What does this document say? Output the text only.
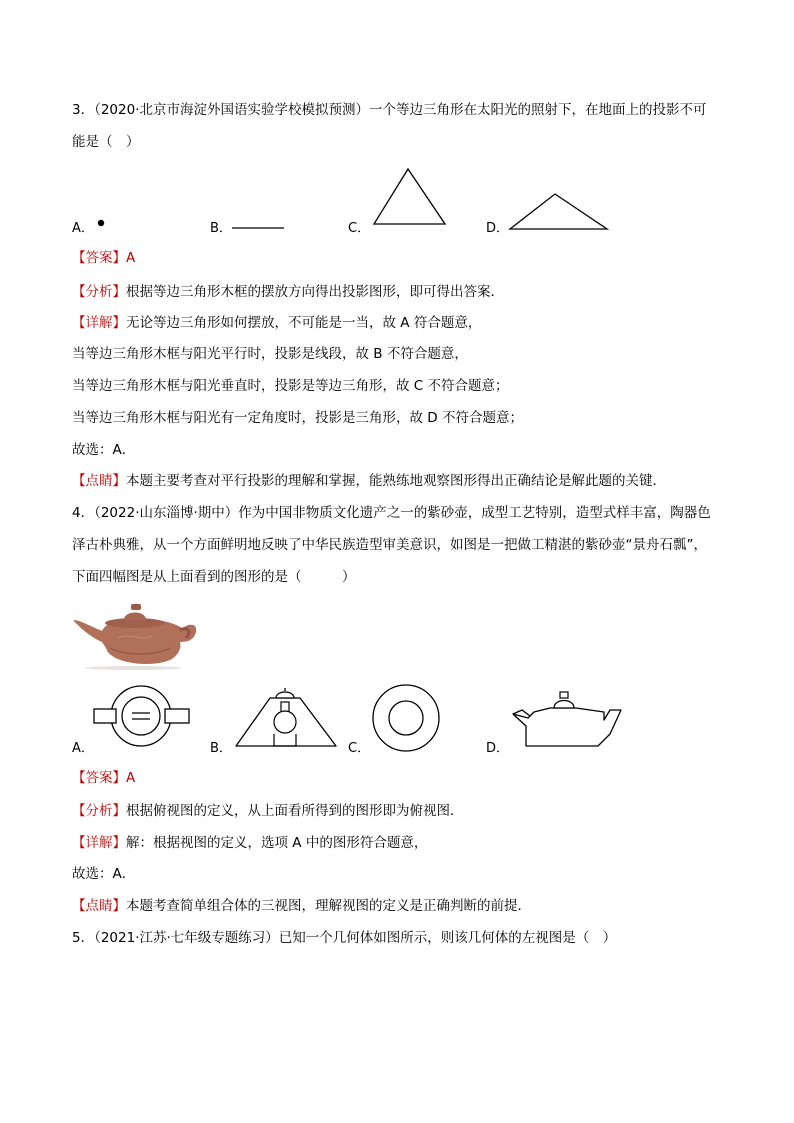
3．（2020·北京市海淀外国语实验学校模拟预测）一个等边三角形在太阳光的照射下，在地面上的投影不可
能是（　）
A．	B．	C．	D．
【答案】A
【分析】根据等边三角形木框的摆放方向得出投影图形，即可得出答案．
【详解】无论等边三角形如何摆放，不可能是一当，故 A 符合题意，
当等边三角形木框与阳光平行时，投影是线段，故 B 不符合题意，
当等边三角形木框与阳光垂直时，投影是等边三角形，故 C 不符合题意；
当等边三角形木框与阳光有一定角度时，投影是三角形，故 D 不符合题意；
故选：A．
【点睛】本题主要考查对平行投影的理解和掌握，能熟练地观察图形得出正确结论是解此题的关键．
4．（2022·山东淄博·期中）作为中国非物质文化遗产之一的紫砂壶，成型工艺特别，造型式样丰富，陶器色
泽古朴典雅，从一个方面鲜明地反映了中华民族造型审美意识，如图是一把做工精湛的紫砂壶“景舟石瓢”，
下面四幅图是从上面看到的图形的是（　　　）
A．	B．	C．	D．
【答案】A
【分析】根据俯视图的定义，从上面看所得到的图形即为俯视图．
【详解】解：根据视图的定义，选项 A 中的图形符合题意，
故选：A．
【点睛】本题考查简单组合体的三视图，理解视图的定义是正确判断的前提．
5．（2021·江苏·七年级专题练习）已知一个几何体如图所示，则该几何体的左视图是（　）
